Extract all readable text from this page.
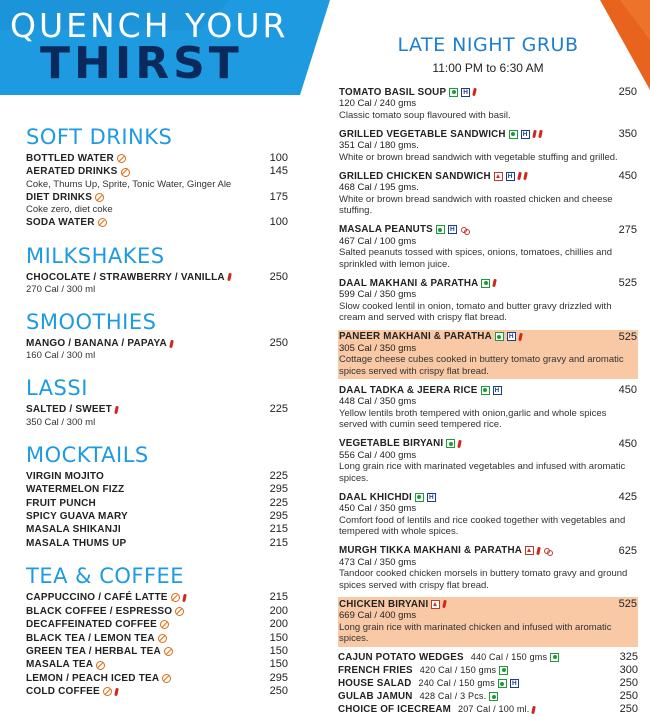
QUENCH YOUR
THIRST
SOFT DRINKS
BOTTLED WATER	100
AERATED DRINKS	145
Coke, Thums Up, Sprite, Tonic Water, Ginger Ale
DIET DRINKS	175
Coke zero, diet coke
SODA WATER	100
MILKSHAKES
CHOCOLATE / STRAWBERRY / VANILLA	250
270 Cal / 300 ml
SMOOTHIES
MANGO / BANANA / PAPAYA	250
160 Cal / 300 ml
LASSI
SALTED / SWEET	225
350 Cal / 300 ml
MOCKTAILS
VIRGIN MOJITO	225
WATERMELON FIZZ	295
FRUIT PUNCH	225
SPICY GUAVA MARY	295
MASALA SHIKANJI	215
MASALA THUMS UP	215
TEA & COFFEE
CAPPUCCINO / CAFÉ LATTE	215
BLACK COFFEE / ESPRESSO	200
DECAFFEINATED COFFEE	200
BLACK TEA / LEMON TEA	150
GREEN TEA / HERBAL TEA	150
MASALA TEA	150
LEMON / PEACH ICED TEA	295
COLD COFFEE	250
LATE NIGHT GRUB
11:00 PM to 6:30 AM
TOMATO BASIL SOUP	H	250
120 Cal / 240 gms
Classic tomato soup flavoured with basil.
GRILLED VEGETABLE SANDWICH	H	350
351 Cal / 180 gms.
White or brown bread sandwich with vegetable stuffing and grilled.
GRILLED CHICKEN SANDWICH	H	450
468 Cal / 195 gms.
White or brown bread sandwich with roasted chicken and cheese stuffing.
MASALA PEANUTS	H	275
467 Cal / 100 gms
Salted peanuts tossed with spices, onions, tomatoes, chillies and sprinkled with lemon juice.
DAAL MAKHANI & PARATHA	525
599 Cal / 350 gms
Slow cooked lentil in onion, tomato and butter gravy drizzled with cream and served with crispy flat bread.
PANEER MAKHANI & PARATHA	H	525
305 Cal / 350 gms
Cottage cheese cubes cooked in buttery tomato gravy and aromatic spices served with crispy flat bread.
DAAL TADKA & JEERA RICE	H	450
448 Cal / 350 gms
Yellow lentils broth tempered with onion,garlic and whole spices served with cumin seed tempered rice.
VEGETABLE BIRYANI	450
556 Cal / 400 gms
Long grain rice with marinated vegetables and infused with aromatic spices.
DAAL KHICHDI	H	425
450 Cal / 350 gms
Comfort food of lentils and rice cooked together with vegetables and tempered with whole spices.
MURGH TIKKA MAKHANI & PARATHA	625
473 Cal / 350 gms
Tandoor cooked chicken morsels in buttery tomato gravy and ground spices served with crispy flat bread.
CHICKEN BIRYANI	525
669 Cal / 400 gms
Long grain rice with marinated chicken and infused with aromatic spices.
CAJUN POTATO WEDGES 440 Cal / 150 gms	325
FRENCH FRIES 420 Cal / 150 gms	300
HOUSE SALAD 240 Cal / 150 gms	H	250
GULAB JAMUN 428 Cal / 3 Pcs.	250
CHOICE OF ICECREAM 207 Cal / 100 ml.	250
